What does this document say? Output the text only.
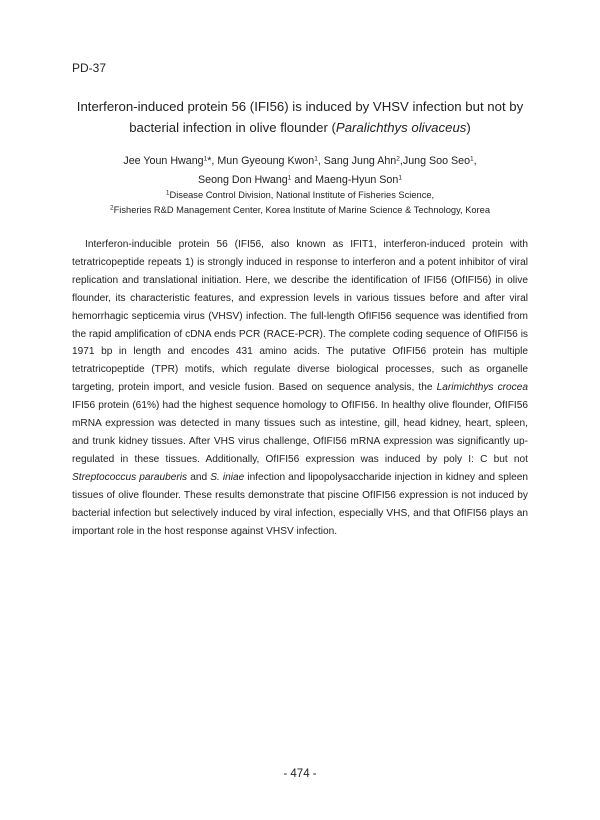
PD-37
Interferon-induced protein 56 (IFI56) is induced by VHSV infection but not by
bacterial infection in olive flounder (Paralichthys olivaceus)
Jee Youn Hwang$^1$*, Mun Gyeoung Kwon$^1$, Sang Jung Ahn$^2$,Jung Soo Seo$^1$,
Seong Don Hwang$^1$ and Maeng-Hyun Son$^1$
$^1$Disease Control Division, National Institute of Fisheries Science,
$^2$Fisheries R&D Management Center, Korea Institute of Marine Science & Technology, Korea

Interferon-inducible protein 56 (IFI56, also known as IFIT1, interferon-induced protein with tetratricopeptide repeats 1) is strongly induced in response to interferon and a potent inhibitor of viral replication and translational initiation. Here, we describe the identification of IFI56 (OfIFI56) in olive flounder, its characteristic features, and expression levels in various tissues before and after viral hemorrhagic septicemia virus (VHSV) infection. The full-length OfIFI56 sequence was identified from the rapid amplification of cDNA ends PCR (RACE-PCR). The complete coding sequence of OfIFI56 is 1971 bp in length and encodes 431 amino acids. The putative OfIFI56 protein has multiple tetratricopeptide (TPR) motifs, which regulate diverse biological processes, such as organelle targeting, protein import, and vesicle fusion. Based on sequence analysis, the Larimichthys crocea IFI56 protein (61%) had the highest sequence homology to OfIFI56. In healthy olive flounder, OfIFI56 mRNA expression was detected in many tissues such as intestine, gill, head kidney, heart, spleen, and trunk kidney tissues. After VHS virus challenge, OfIFI56 mRNA expression was significantly up-regulated in these tissues. Additionally, OfIFI56 expression was induced by poly I: C but not Streptococcus parauberis and S. iniae infection and lipopolysaccharide injection in kidney and spleen tissues of olive flounder. These results demonstrate that piscine OfIFI56 expression is not induced by bacterial infection but selectively induced by viral infection, especially VHS, and that OfIFI56 plays an important role in the host response against VHSV infection.

- 474 -
